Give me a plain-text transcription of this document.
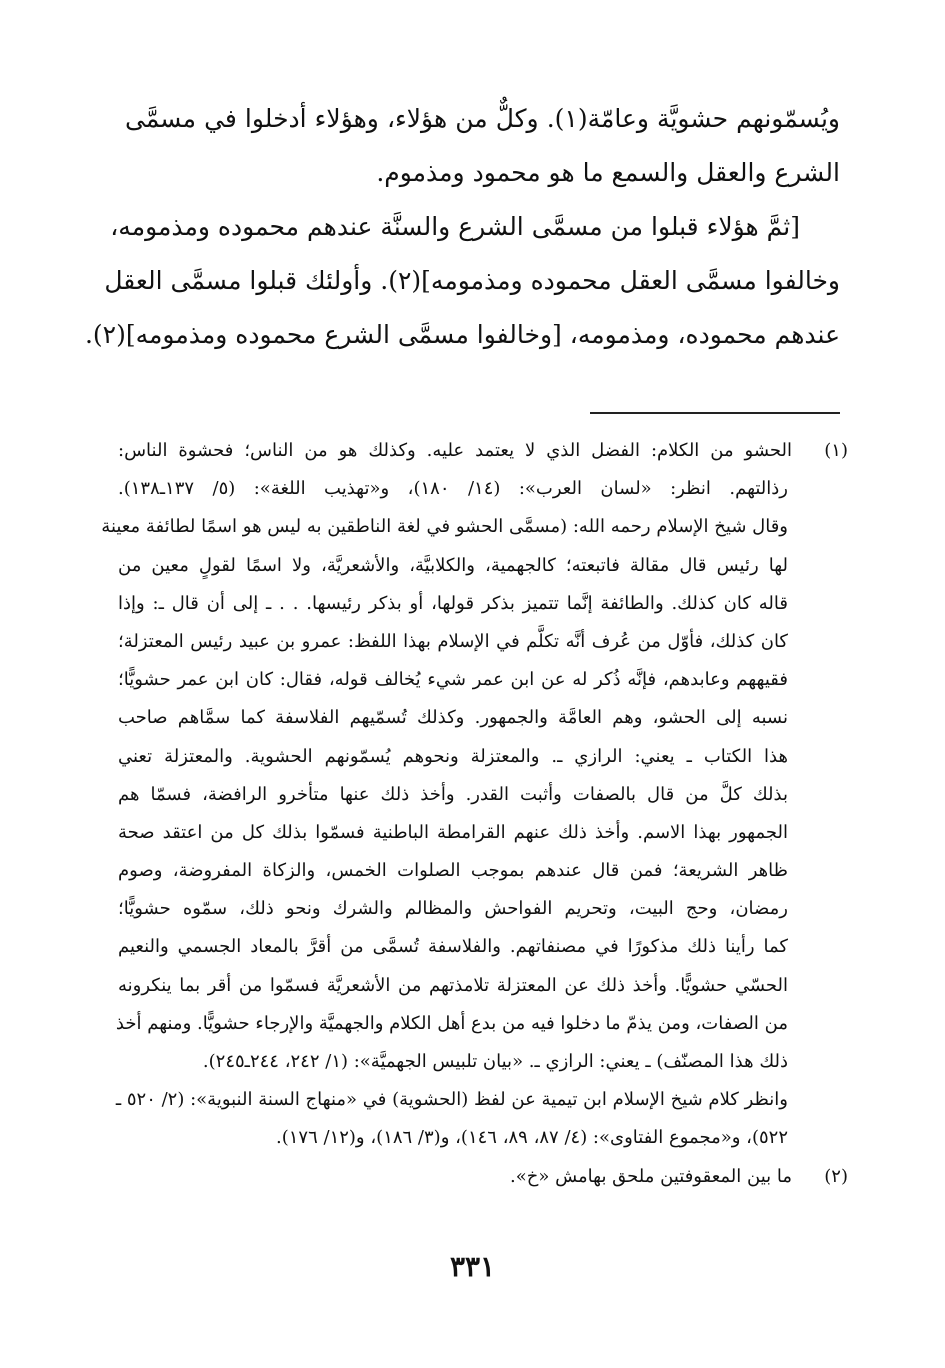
ويُسمّونهم حشويَّة وعامّة(١). وكلٌّ من هؤلاء، وهؤلاء أدخلوا في مسمَّى
الشرع والعقل والسمع ما هو محمود ومذموم.
[ثمَّ هؤلاء قبلوا من مسمَّى الشرع والسنَّة عندهم محموده ومذمومه،
وخالفوا مسمَّى العقل محموده ومذمومه](٢). وأولئك قبلوا مسمَّى العقل
عندهم محموده، ومذمومه، [وخالفوا مسمَّى الشرع محموده ومذمومه](٢).
(١)الحشو من الكلام: الفضل الذي لا يعتمد عليه. وكذلك هو من الناس؛ فحشوة الناس:
رذالتهم. انظر: «لسان العرب»: (١٤/ ١٨٠)، و«تهذيب اللغة»: (٥/ ١٣٧ـ١٣٨).
وقال شيخ الإسلام رحمه الله: (مسمَّى الحشو في لغة الناطقين به ليس هو اسمًا لطائفة معينة
لها رئيس قال مقالة فاتبعته؛ كالجهمية، والكلابيَّة، والأشعريَّة، ولا اسمًا لقولٍ معين من
قاله كان كذلك. والطائفة إنَّما تتميز بذكر قولها، أو بذكر رئيسها. . . ـ إلى أن قال ـ: وإذا
كان كذلك، فأوّل من عُرف أنَّه تكلَّم في الإسلام بهذا اللفظ: عمرو بن عبيد رئيس المعتزلة؛
فقيههم وعابدهم، فإنَّه ذُكر له عن ابن عمر شيء يُخالف قوله، فقال: كان ابن عمر حشويًّا؛
نسبه إلى الحشو، وهم العامَّة والجمهور. وكذلك تُسمّيهم الفلاسفة كما سمَّاهم صاحب
هذا الكتاب ـ يعني: الرازي ـ. والمعتزلة ونحوهم يُسمّونهم الحشوية. والمعتزلة تعني
بذلك كلَّ من قال بالصفات وأثبت القدر. وأخذ ذلك عنها متأخرو الرافضة، فسمّا هم
الجمهور بهذا الاسم. وأخذ ذلك عنهم القرامطة الباطنية فسمّوا بذلك كل من اعتقد صحة
ظاهر الشريعة؛ فمن قال عندهم بموجب الصلوات الخمس، والزكاة المفروضة، وصوم
رمضان، وحج البيت، وتحريم الفواحش والمظالم والشرك ونحو ذلك، سمّوه حشويًّا؛
كما رأينا ذلك مذكورًا في مصنفاتهم. والفلاسفة تُسمَّى من أقرَّ بالمعاد الجسمي والنعيم
الحسّي حشويًّا. وأخذ ذلك عن المعتزلة تلامذتهم من الأشعريَّة فسمّوا من أقر بما ينكرونه
من الصفات، ومن يذمّ ما دخلوا فيه من بدع أهل الكلام والجهميَّة والإرجاء حشويًّا. ومنهم أخذ
ذلك هذا المصنّف) ـ يعني: الرازي ـ. «بيان تلبيس الجهميَّة»: (١/ ٢٤٢، ٢٤٤ـ٢٤٥).
وانظر كلام شيخ الإسلام ابن تيمية عن لفظ (الحشوية) في «منهاج السنة النبوية»: (٢/ ٥٢٠ ـ
٥٢٢)، و«مجموع الفتاوى»: (٤/ ٨٧، ٨٩، ١٤٦)، و(٣/ ١٨٦)، و(١٢/ ١٧٦).
(٢)ما بين المعقوفتين ملحق بهامش «خ».
٣٣١
